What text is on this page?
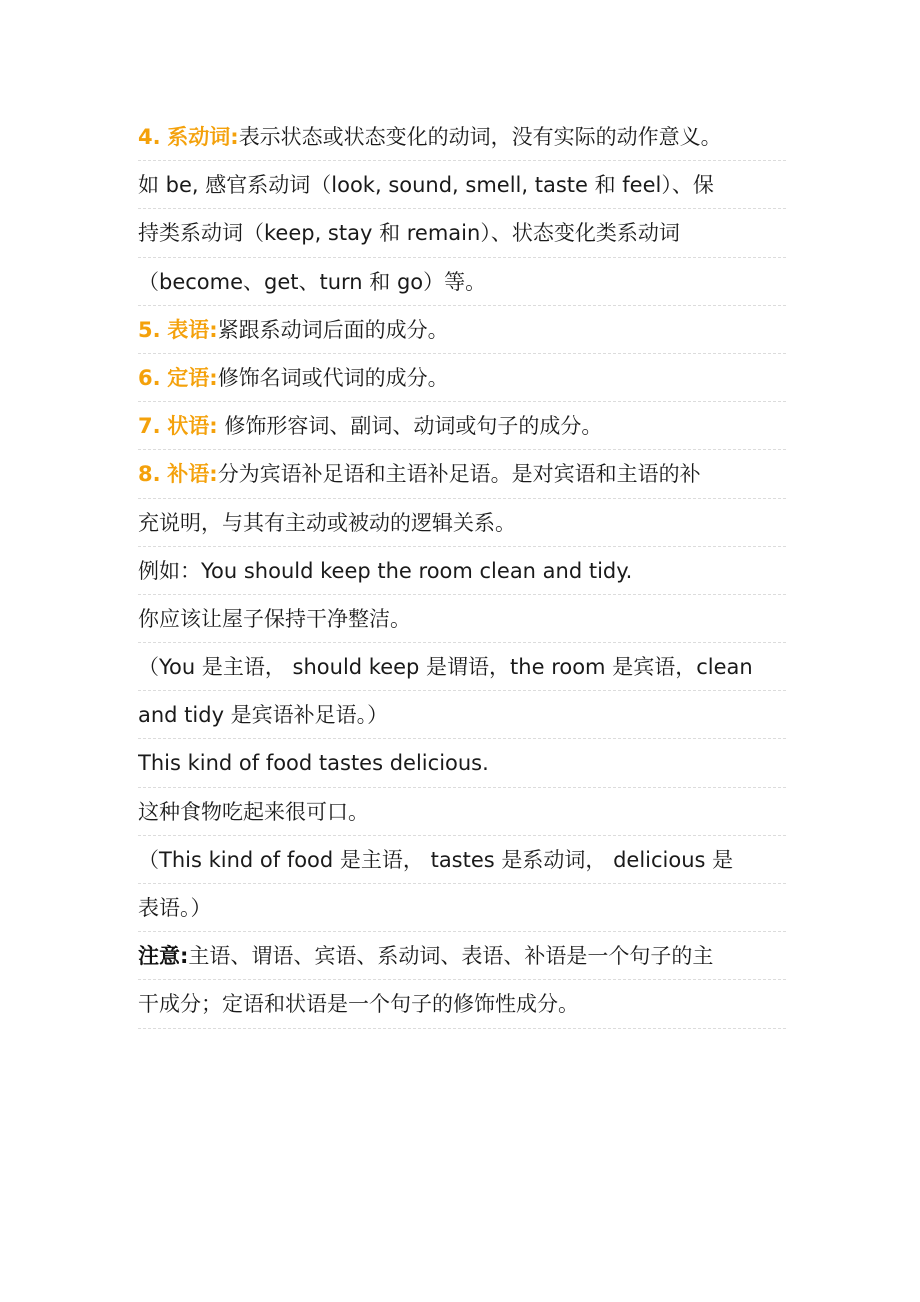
4. 系动词:表示状态或状态变化的动词，没有实际的动作意义。
如 be, 感官系动词（look, sound, smell, taste 和 feel）、保
持类系动词（keep, stay 和 remain）、状态变化类系动词
（become、get、turn 和 go）等。
5. 表语:紧跟系动词后面的成分。
6. 定语:修饰名词或代词的成分。
7. 状语: 修饰形容词、副词、动词或句子的成分。
8. 补语:分为宾语补足语和主语补足语。是对宾语和主语的补
充说明，与其有主动或被动的逻辑关系。
例如：You should keep the room clean and tidy.
你应该让屋子保持干净整洁。
（You 是主语， should keep 是谓语，the room 是宾语，clean
and tidy 是宾语补足语。）
This kind of food tastes delicious.
这种食物吃起来很可口。
（This kind of food 是主语， tastes 是系动词， delicious 是
表语。）
注意:主语、谓语、宾语、系动词、表语、补语是一个句子的主
干成分；定语和状语是一个句子的修饰性成分。
